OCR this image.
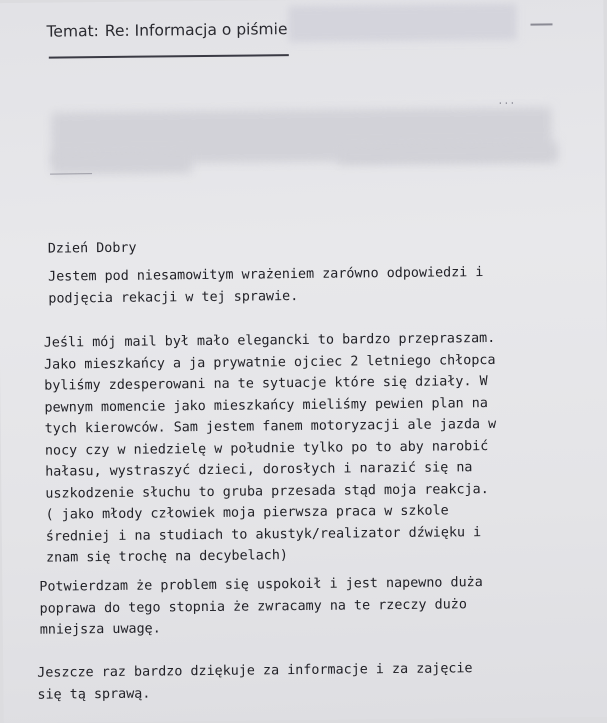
Temat: Re: Informacja o piśmie
...
Dzień Dobry
Jestem pod niesamowitym wrażeniem zarówno odpowiedzi i
podjęcia rekacji w tej sprawie.
Jeśli mój mail był mało elegancki to bardzo przepraszam.
Jako mieszkańcy a ja prywatnie ojciec 2 letniego chłopca
byliśmy zdesperowani na te sytuacje które się działy. W
pewnym momencie jako mieszkańcy mieliśmy pewien plan na
tych kierowców. Sam jestem fanem motoryzacji ale jazda w
nocy czy w niedzielę w południe tylko po to aby narobić
hałasu, wystraszyć dzieci, dorosłych i narazić się na
uszkodzenie słuchu to gruba przesada stąd moja reakcja.
( jako młody człowiek moja pierwsza praca w szkole
średniej i na studiach to akustyk/realizator dźwięku i
znam się trochę na decybelach)
Potwierdzam że problem się uspokoił i jest napewno duża
poprawa do tego stopnia że zwracamy na te rzeczy dużo
mniejsza uwagę.
Jeszcze raz bardzo dziękuje za informacje i za zajęcie
się tą sprawą.
